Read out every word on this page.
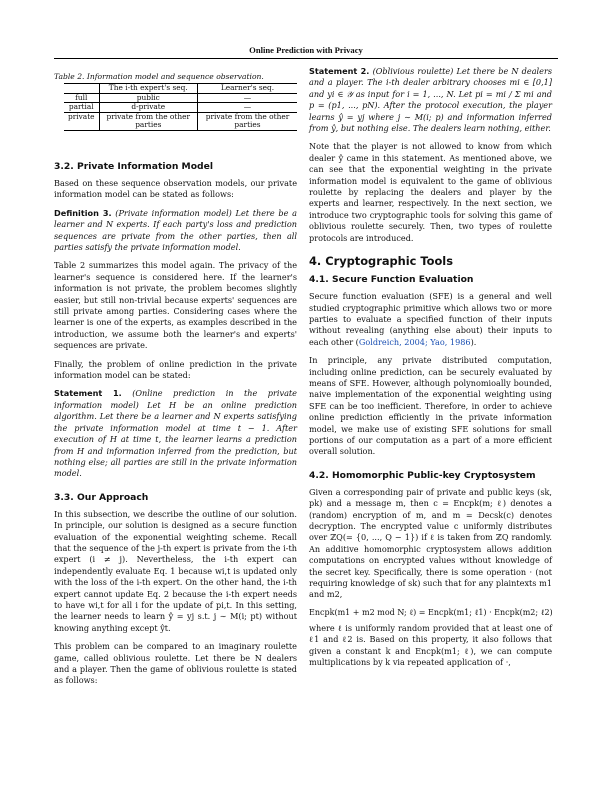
Online Prediction with Privacy
Table 2. Information model and sequence observation.
	The i-th expert's seq.	Learner's seq.
full	public	—
partial	d-private	—
private	private from the other parties	private from the other parties
3.2. Private Information Model

Based on these sequence observation models, our private information model can be stated as follows:

Definition 3. (Private information model) Let there be a learner and N experts. If each party's loss and prediction sequences are private from the other parties, then all parties satisfy the private information model.

Table 2 summarizes this model again. The privacy of the learner's sequence is considered here. If the learner's information is not private, the problem becomes slightly easier, but still non-trivial because experts' sequences are still private among parties. Considering cases where the learner is one of the experts, as examples described in the introduction, we assume both the learner's and experts' sequences are private.

Finally, the problem of online prediction in the private information model can be stated:

Statement 1. (Online prediction in the private information model) Let H be an online prediction algorithm. Let there be a learner and N experts satisfying the private information model at time t − 1. After execution of H at time t, the learner learns a prediction from H and information inferred from the prediction, but nothing else; all parties are still in the private information model.

3.3. Our Approach

In this subsection, we describe the outline of our solution. In principle, our solution is designed as a secure function evaluation of the exponential weighting scheme. Recall that the sequence of the j-th expert is private from the i-th expert (i ≠ j). Nevertheless, the i-th expert can independently evaluate Eq. 1 because wi,t is updated only with the loss of the i-th expert. On the other hand, the i-th expert cannot update Eq. 2 because the i-th expert needs to have wi,t for all i for the update of pi,t. In this setting, the learner needs to learn ŷ = yj s.t. j ∼ M(i; pt) without knowing anything except ŷt.

This problem can be compared to an imaginary roulette game, called oblivious roulette. Let there be N dealers and a player. Then the game of oblivious roulette is stated as follows:

Statement 2. (Oblivious roulette) Let there be N dealers and a player. The i-th dealer arbitrary chooses mi ∈ [0,1] and yi ∈ 𝒴 as input for i = 1, ..., N. Let pi = mi / Σ mi and p = (p1, ..., pN). After the protocol execution, the player learns ŷ = yj where j ∼ M(i; p) and information inferred from ŷ, but nothing else. The dealers learn nothing, either.

Note that the player is not allowed to know from which dealer ŷ came in this statement. As mentioned above, we can see that the exponential weighting in the private information model is equivalent to the game of oblivious roulette by replacing the dealers and player by the experts and learner, respectively. In the next section, we introduce two cryptographic tools for solving this game of oblivious roulette securely. Then, two types of roulette protocols are introduced.

4. Cryptographic Tools
4.1. Secure Function Evaluation

Secure function evaluation (SFE) is a general and well studied cryptographic primitive which allows two or more parties to evaluate a specified function of their inputs without revealing (anything else about) their inputs to each other (Goldreich, 2004; Yao, 1986).

In principle, any private distributed computation, including online prediction, can be securely evaluated by means of SFE. However, although polynomioally bounded, naive implementation of the exponential weighting using SFE can be too inefficient. Therefore, in order to achieve online prediction efficiently in the private information model, we make use of existing SFE solutions for small portions of our computation as a part of a more efficient overall solution.

4.2. Homomorphic Public-key Cryptosystem

Given a corresponding pair of private and public keys (sk, pk) and a message m, then c = Encpk(m; ℓ) denotes a (random) encryption of m, and m = Decsk(c) denotes decryption. The encrypted value c uniformly distributes over ℤQ(= {0, ..., Q − 1}) if ℓ is taken from ℤQ randomly. An additive homomorphic cryptosystem allows addition computations on encrypted values without knowledge of the secret key. Specifically, there is some operation · (not requiring knowledge of sk) such that for any plaintexts m1 and m2,

Encpk(m1 + m2 mod N; ℓ) = Encpk(m1; ℓ1) · Encpk(m2; ℓ2)

where ℓ is uniformly random provided that at least one of ℓ1 and ℓ2 is. Based on this property, it also follows that given a constant k and Encpk(m1; ℓ), we can compute multiplications by k via repeated application of ·,
